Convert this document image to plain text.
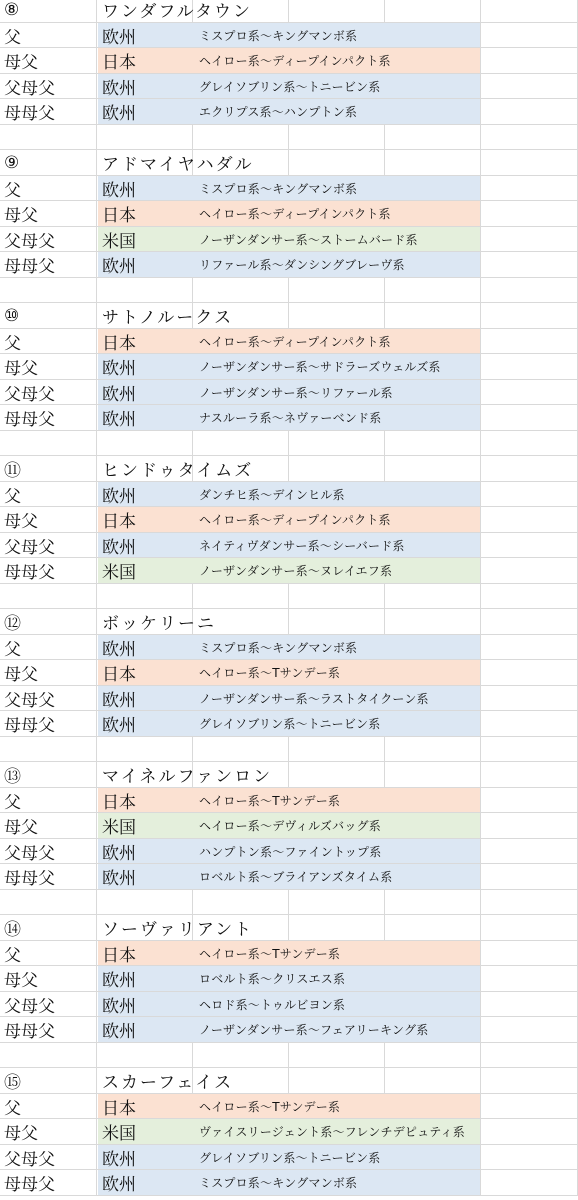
⑧	ワンダフルタウン
父	欧州	ミスプロ系〜キングマンボ系
母父	日本	ヘイロー系〜ディープインパクト系
父母父	欧州	グレイソブリン系〜トニービン系
母母父	欧州	エクリプス系〜ハンプトン系
⑨	アドマイヤハダル
父	欧州	ミスプロ系〜キングマンボ系
母父	日本	ヘイロー系〜ディープインパクト系
父母父	米国	ノーザンダンサー系〜ストームバード系
母母父	欧州	リファール系〜ダンシングブレーヴ系
⑩	サトノルークス
父	日本	ヘイロー系〜ディープインパクト系
母父	欧州	ノーザンダンサー系〜サドラーズウェルズ系
父母父	欧州	ノーザンダンサー系〜リファール系
母母父	欧州	ナスルーラ系〜ネヴァーベンド系
⑪	ヒンドゥタイムズ
父	欧州	ダンチヒ系〜デインヒル系
母父	日本	ヘイロー系〜ディープインパクト系
父母父	欧州	ネイティヴダンサー系〜シーバード系
母母父	米国	ノーザンダンサー系〜ヌレイエフ系
⑫	ボッケリーニ
父	欧州	ミスプロ系〜キングマンボ系
母父	日本	ヘイロー系〜Tサンデー系
父母父	欧州	ノーザンダンサー系〜ラストタイクーン系
母母父	欧州	グレイソブリン系〜トニービン系
⑬	マイネルファンロン
父	日本	ヘイロー系〜Tサンデー系
母父	米国	ヘイロー系〜デヴィルズバッグ系
父母父	欧州	ハンプトン系〜ファイントップ系
母母父	欧州	ロベルト系〜ブライアンズタイム系
⑭	ソーヴァリアント
父	日本	ヘイロー系〜Tサンデー系
母父	欧州	ロベルト系〜クリスエス系
父母父	欧州	ヘロド系〜トゥルビヨン系
母母父	欧州	ノーザンダンサー系〜フェアリーキング系
⑮	スカーフェイス
父	日本	ヘイロー系〜Tサンデー系
母父	米国	ヴァイスリージェント系〜フレンチデピュティ系
父母父	欧州	グレイソブリン系〜トニービン系
母母父	欧州	ミスプロ系〜キングマンボ系
